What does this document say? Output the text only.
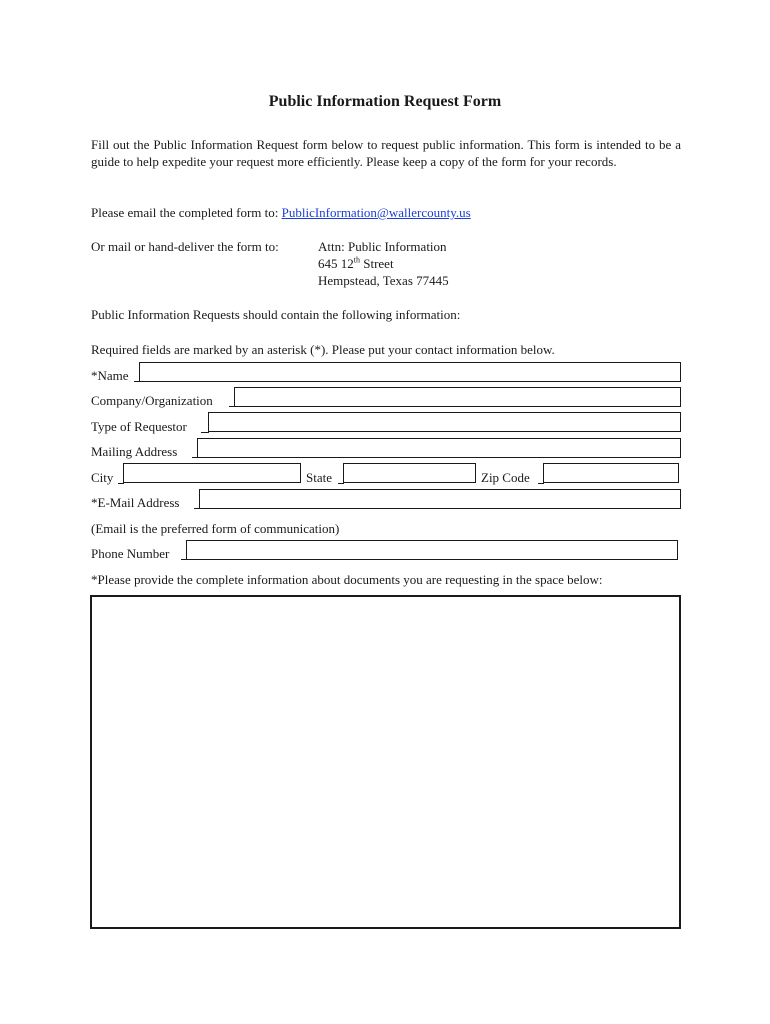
Public Information Request Form
Fill out the Public Information Request form below to request public information. This form is intended to be a guide to help expedite your request more efficiently. Please keep a copy of the form for your records.
Please email the completed form to: PublicInformation@wallercounty.us
Or mail or hand-deliver the form to:	Attn: Public Information
645 12th Street
Hempstead, Texas 77445
Public Information Requests should contain the following information:
Required fields are marked by an asterisk (*). Please put your contact information below.
*Name
Company/Organization
Type of Requestor
Mailing Address
City	State	Zip Code
*E-Mail Address
(Email is the preferred form of communication)
Phone Number
*Please provide the complete information about documents you are requesting in the space below:
